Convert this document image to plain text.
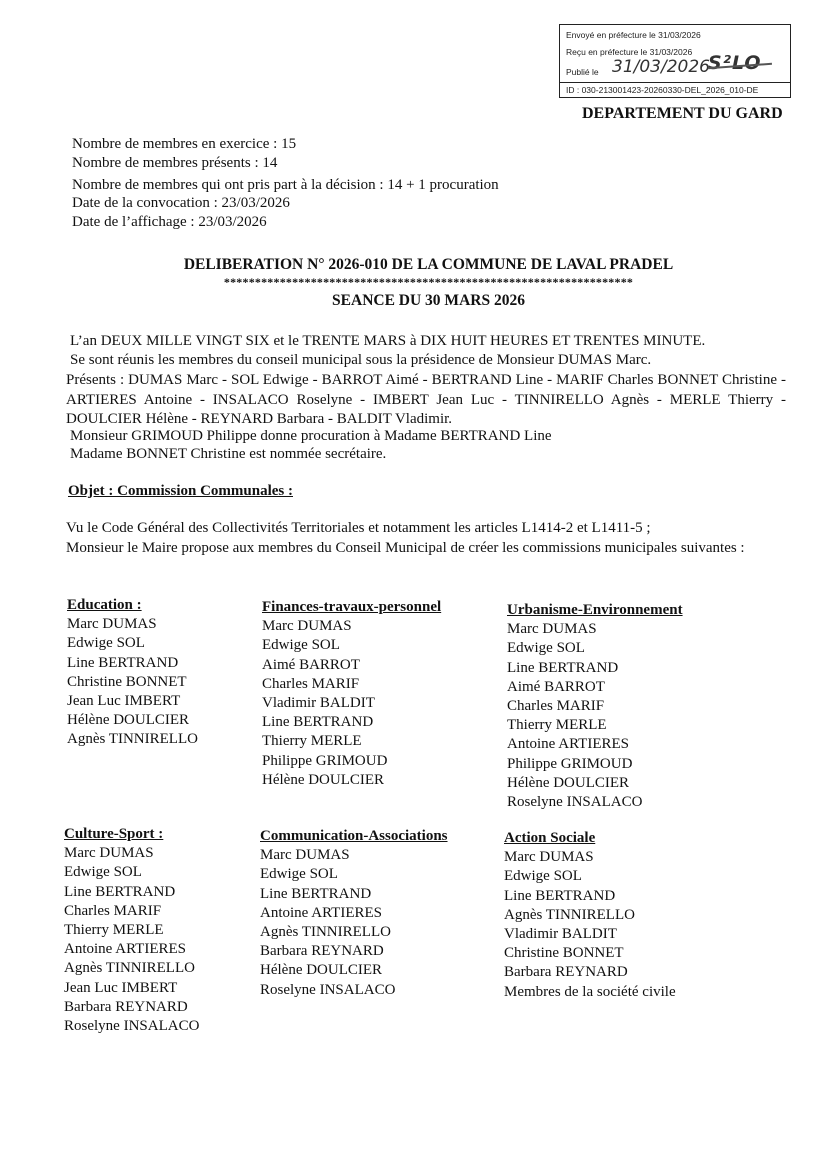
Envoyé en préfecture le 31/03/2026
Reçu en préfecture le 31/03/2026
Publié le 31/03/2026
S²LO
ID : 030-213001423-20260330-DEL_2026_010-DE
DEPARTEMENT DU GARD
Nombre de membres en exercice : 15
Nombre de membres présents : 14
Nombre de membres qui ont pris part à la décision : 14 + 1 procuration
Date de la convocation : 23/03/2026
Date de l’affichage : 23/03/2026
DELIBERATION N° 2026-010 DE LA COMMUNE DE LAVAL PRADEL
******************************************************************
SEANCE DU 30 MARS 2026
L’an DEUX MILLE VINGT SIX et le TRENTE MARS à DIX HUIT HEURES ET TRENTES MINUTE.
Se sont réunis les membres du conseil municipal sous la présidence de Monsieur DUMAS Marc.
Présents : DUMAS Marc - SOL Edwige - BARROT Aimé - BERTRAND Line - MARIF Charles BONNET Christine - ARTIERES Antoine - INSALACO Roselyne - IMBERT Jean Luc - TINNIRELLO Agnès - MERLE Thierry - DOULCIER Hélène - REYNARD Barbara - BALDIT Vladimir.
Monsieur GRIMOUD Philippe donne procuration à Madame BERTRAND Line
Madame BONNET Christine est nommée secrétaire.
Objet : Commission Communales :
Vu le Code Général des Collectivités Territoriales et notamment les articles L1414-2 et L1411-5 ;
Monsieur le Maire propose aux membres du Conseil Municipal de créer les commissions municipales suivantes :
Education :
Marc DUMAS
Edwige SOL
Line BERTRAND
Christine BONNET
Jean Luc IMBERT
Hélène DOULCIER
Agnès TINNIRELLO
Finances-travaux-personnel
Marc DUMAS
Edwige SOL
Aimé BARROT
Charles MARIF
Vladimir BALDIT
Line BERTRAND
Thierry MERLE
Philippe GRIMOUD
Hélène DOULCIER
Urbanisme-Environnement
Marc DUMAS
Edwige SOL
Line BERTRAND
Aimé BARROT
Charles MARIF
Thierry MERLE
Antoine ARTIERES
Philippe GRIMOUD
Hélène DOULCIER
Roselyne INSALACO
Culture-Sport :
Marc DUMAS
Edwige SOL
Line BERTRAND
Charles MARIF
Thierry MERLE
Antoine ARTIERES
Agnès TINNIRELLO
Jean Luc IMBERT
Barbara REYNARD
Roselyne INSALACO
Communication-Associations
Marc DUMAS
Edwige SOL
Line BERTRAND
Antoine ARTIERES
Agnès TINNIRELLO
Barbara REYNARD
Hélène DOULCIER
Roselyne INSALACO
Action Sociale
Marc DUMAS
Edwige SOL
Line BERTRAND
Agnès TINNIRELLO
Vladimir BALDIT
Christine BONNET
Barbara REYNARD
Membres de la société civile
